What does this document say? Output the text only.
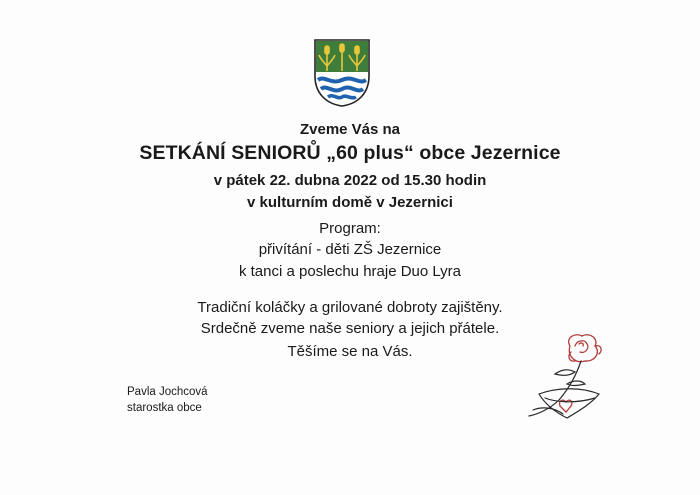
Zveme Vás na
SETKÁNÍ SENIORŮ „60 plus“ obce Jezernice
v pátek 22. dubna 2022 od 15.30 hodin
v kulturním domě v Jezernici
Program:
přivítání - děti ZŠ Jezernice
k tanci a poslechu hraje Duo Lyra
Tradiční koláčky a grilované dobroty zajištěny.
Srdečně zveme naše seniory a jejich přátele.
Těšíme se na Vás.
Pavla Jochcová
starostka obce
